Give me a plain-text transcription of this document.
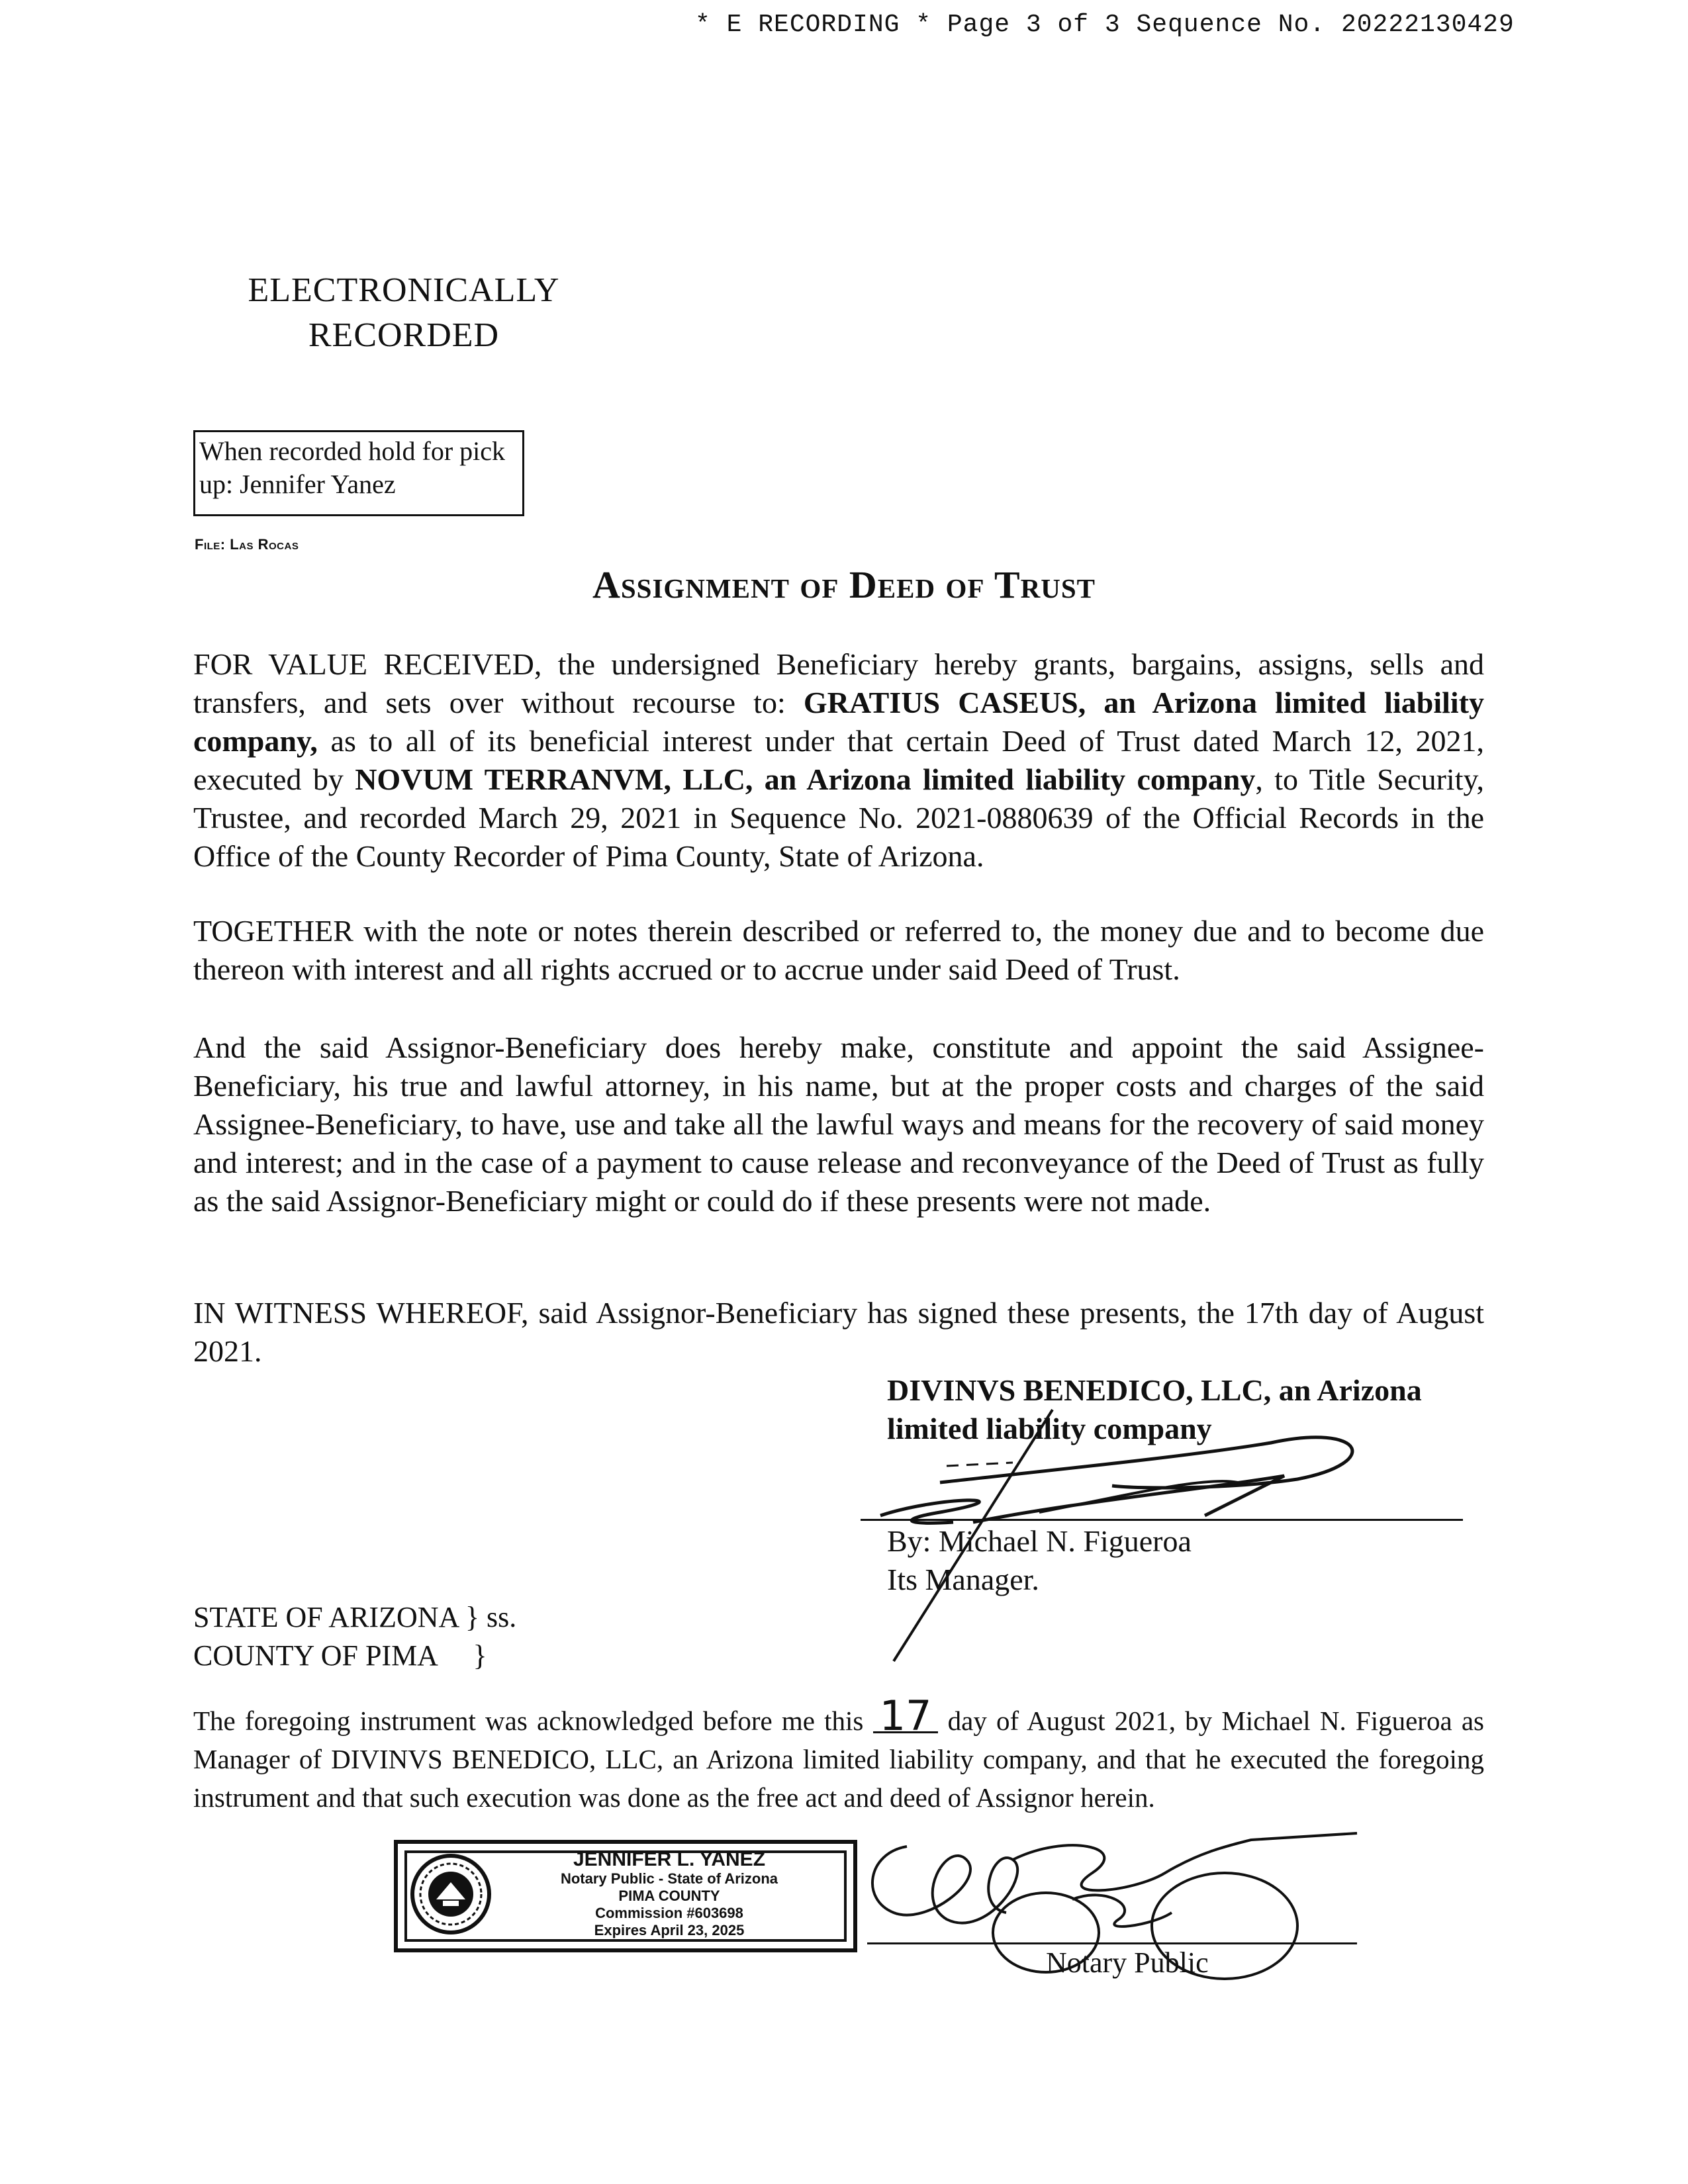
* E RECORDING * Page 3 of 3 Sequence No. 20222130429
ELECTRONICALLY
RECORDED
When recorded hold for pick
up: Jennifer Yanez
File: Las Rocas
Assignment of Deed of Trust
FOR VALUE RECEIVED, the undersigned Beneficiary hereby grants, bargains, assigns, sells and transfers, and sets over without recourse to: GRATIUS CASEUS, an Arizona limited liability company, as to all of its beneficial interest under that certain Deed of Trust dated March 12, 2021, executed by NOVUM TERRANVM, LLC, an Arizona limited liability company, to Title Security, Trustee, and recorded March 29, 2021 in Sequence No. 2021-0880639 of the Official Records in the Office of the County Recorder of Pima County, State of Arizona.
TOGETHER with the note or notes therein described or referred to, the money due and to become due thereon with interest and all rights accrued or to accrue under said Deed of Trust.
And the said Assignor-Beneficiary does hereby make, constitute and appoint the said Assignee-Beneficiary, his true and lawful attorney, in his name, but at the proper costs and charges of the said Assignee-Beneficiary, to have, use and take all the lawful ways and means for the recovery of said money and interest; and in the case of a payment to cause release and reconveyance of the Deed of Trust as fully as the said Assignor-Beneficiary might or could do if these presents were not made.
IN WITNESS WHEREOF, said Assignor-Beneficiary has signed these presents, the 17th day of August 2021.
DIVINVS BENEDICO, LLC, an Arizona
limited liability company
By: Michael N. Figueroa
Its Manager.
STATE OF ARIZONA } ss.
COUNTY OF PIMA     }
The foregoing instrument was acknowledged before me this 17 day of August 2021, by Michael N. Figueroa as Manager of DIVINVS BENEDICO, LLC, an Arizona limited liability company, and that he executed the foregoing instrument and that such execution was done as the free act and deed of Assignor herein.
JENNIFER L. YANEZ
Notary Public - State of Arizona
PIMA COUNTY
Commission #603698
Expires April 23, 2025
Notary Public
